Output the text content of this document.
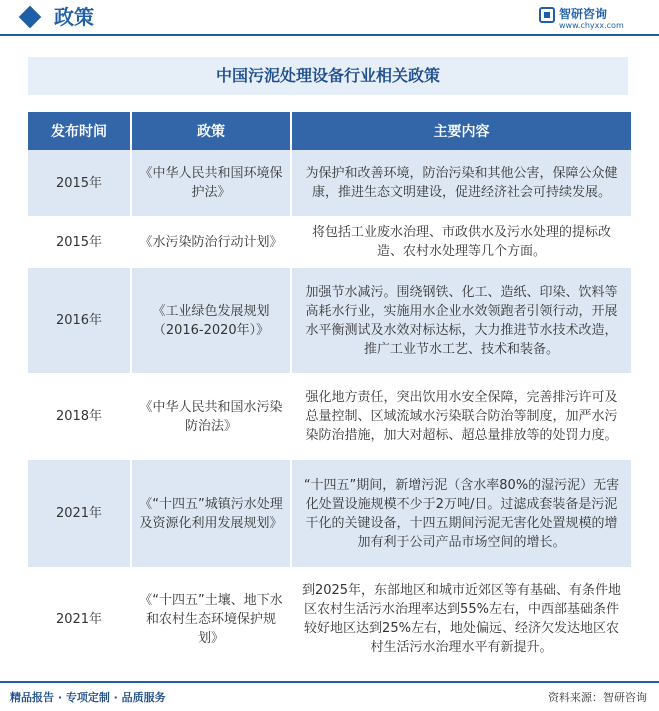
政策	智研咨询
www.chyxx.com
中国污泥处理设备行业相关政策
发布时间	政策	主要内容
2015年	《中华人民共和国环境保护法》	为保护和改善环境，防治污染和其他公害，保障公众健康，推进生态文明建设，促进经济社会可持续发展。
2015年	《水污染防治行动计划》	将包括工业废水治理、市政供水及污水处理的提标改造、农村水处理等几个方面。
2016年	《工业绿色发展规划（2016-2020年）》	加强节水减污。围绕钢铁、化工、造纸、印染、饮料等高耗水行业，实施用水企业水效领跑者引领行动，开展水平衡测试及水效对标达标，大力推进节水技术改造，推广工业节水工艺、技术和装备。
2018年	《中华人民共和国水污染防治法》	强化地方责任，突出饮用水安全保障，完善排污许可及总量控制、区域流域水污染联合防治等制度，加严水污染防治措施，加大对超标、超总量排放等的处罚力度。
2021年	《“十四五”城镇污水处理及资源化利用发展规划》	“十四五”期间，新增污泥（含水率80%的湿污泥）无害化处置设施规模不少于2万吨/日。过滤成套装备是污泥干化的关键设备，十四五期间污泥无害化处置规模的增加有利于公司产品市场空间的增长。
2021年	《“十四五”土壤、地下水和农村生态环境保护规划》	到2025年，东部地区和城市近郊区等有基础、有条件地区农村生活污水治理率达到55%左右，中西部基础条件较好地区达到25%左右，地处偏远、经济欠发达地区农村生活污水治理水平有新提升。
精品报告 · 专项定制 · 品质服务	资料来源：智研咨询
